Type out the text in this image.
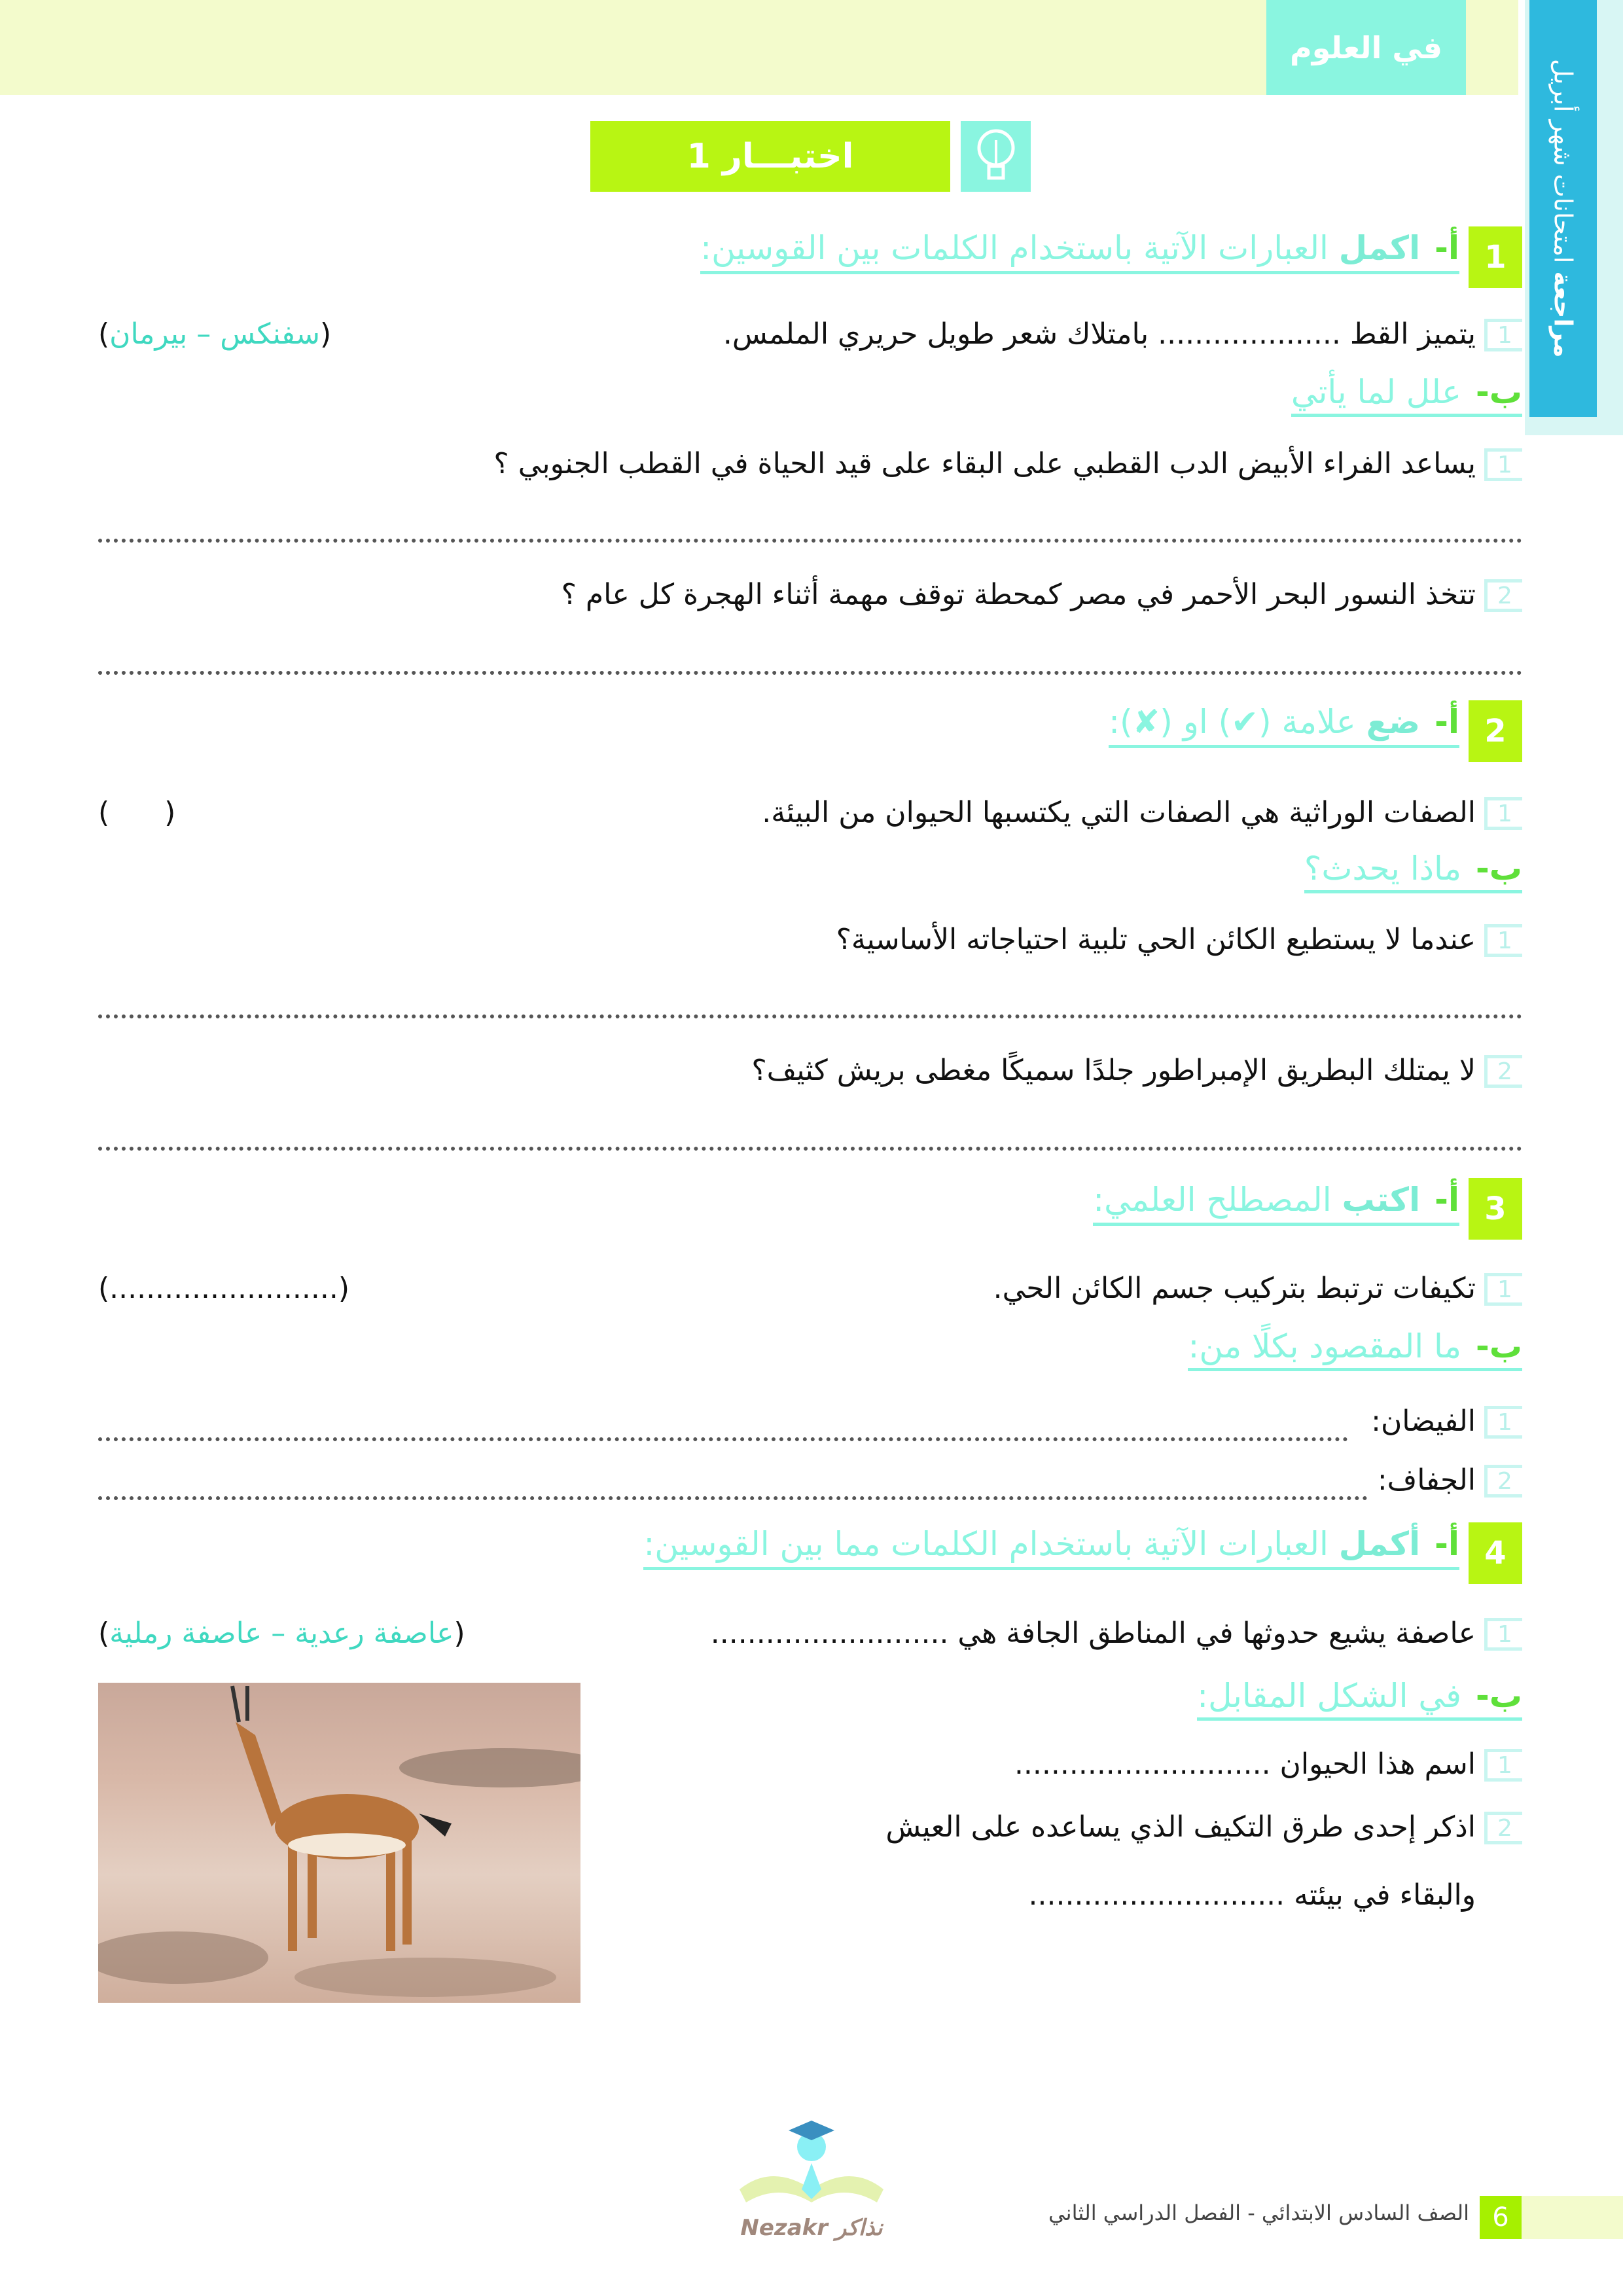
في العلوم
مراجعة امتحانات شهر أبريل
اختبـــار 1
1
أ-اكمل العبارات الآتية باستخدام الكلمات بين القوسين:
1
يتميز القط .................... بامتلاك شعر طويل حريري الملمس.
(سفنكس – بيرمان)
ب-علل لما يأتي
1
يساعد الفراء الأبيض الدب القطبي على البقاء على قيد الحياة في القطب الجنوبي ؟
2
تتخذ النسور البحر الأحمر في مصر كمحطة توقف مهمة أثناء الهجرة كل عام ؟
2
أ-ضع علامة (✔) او (✘):
1
الصفات الوراثية هي الصفات التي يكتسبها الحيوان من البيئة.
(      )
ب-ماذا يحدث؟
1
عندما لا يستطيع الكائن الحي تلبية احتياجاته الأساسية؟
2
لا يمتلك البطريق الإمبراطور جلدًا سميكًا مغطى بريش كثيف؟
3
أ-اكتب المصطلح العلمي:
1
تكيفات ترتبط بتركيب جسم الكائن الحي.
(.........................)
ب-ما المقصود بكلًا من:
1
الفيضان:
2
الجفاف:
4
أ-أكمل العبارات الآتية باستخدام الكلمات مما بين القوسين:
1
عاصفة يشيع حدوثها في المناطق الجافة هي ..........................
(عاصفة رعدية – عاصفة رملية)
ب-في الشكل المقابل:
1
اسم هذا الحيوان ............................
2
اذكر إحدى طرق التكيف الذي يساعده على العيش
والبقاء في بيئته ............................
Nezakr نذاكر	6
الصف السادس الابتدائي - الفصل الدراسي الثاني
